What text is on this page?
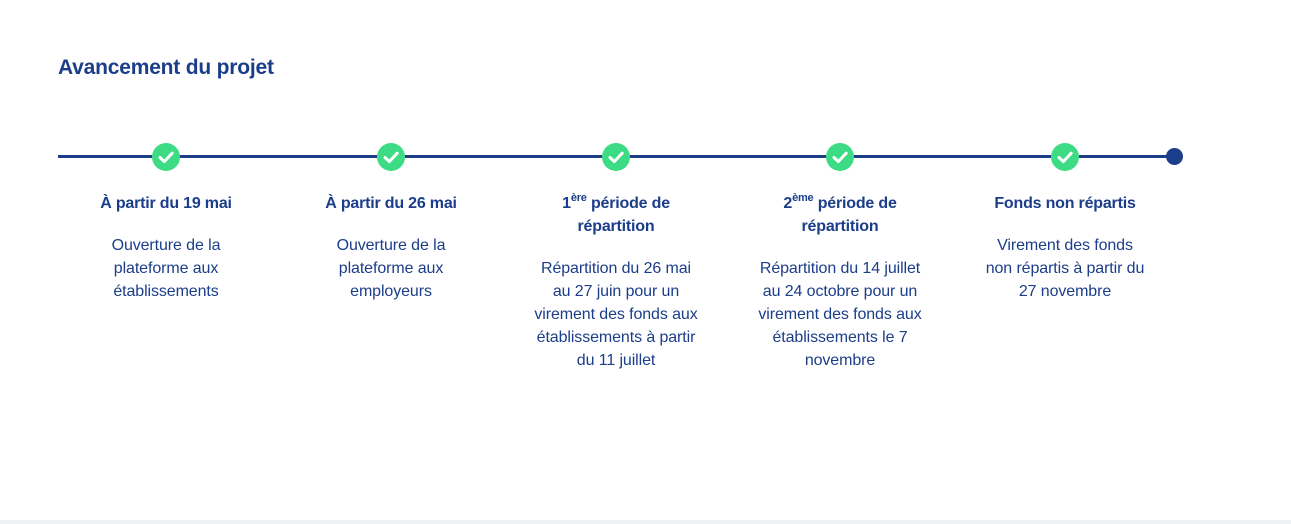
Avancement du projet
À partir du 19 mai
Ouverture de la plateforme aux établissements
À partir du 26 mai
Ouverture de la plateforme aux employeurs
1ère période de répartition
Répartition du 26 mai au 27 juin pour un virement des fonds aux établissements à partir du 11 juillet
2ème période de répartition
Répartition du 14 juillet au 24 octobre pour un virement des fonds aux établissements le 7 novembre
Fonds non répartis
Virement des fonds non répartis à partir du 27 novembre
